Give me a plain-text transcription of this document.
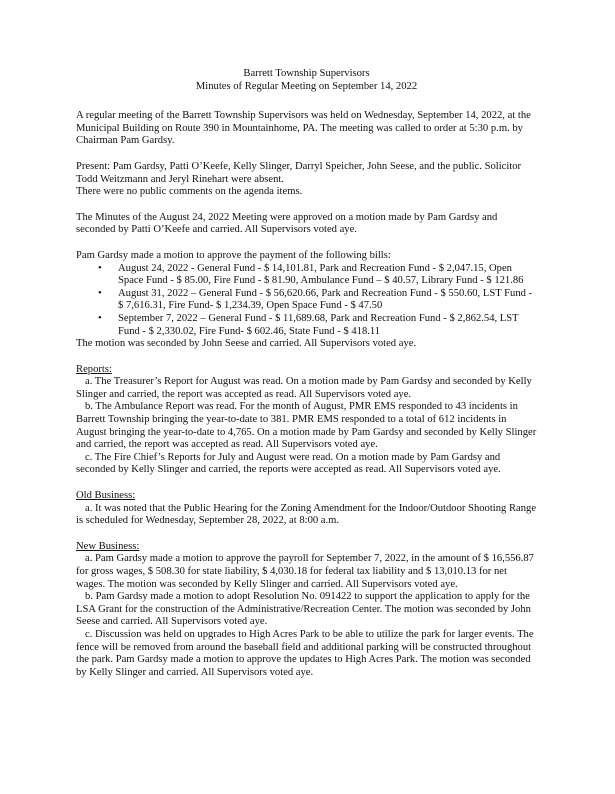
Barrett Township Supervisors
Minutes of Regular Meeting on September 14, 2022

A regular meeting of the Barrett Township Supervisors was held on Wednesday, September 14, 2022, at the Municipal Building on Route 390 in Mountainhome, PA. The meeting was called to order at 5:30 p.m. by Chairman Pam Gardsy.

Present: Pam Gardsy, Patti O’Keefe, Kelly Slinger, Darryl Speicher, John Seese, and the public. Solicitor Todd Weitzmann and Jeryl Rinehart were absent.
There were no public comments on the agenda items.

The Minutes of the August 24, 2022 Meeting were approved on a motion made by Pam Gardsy and seconded by Patti O’Keefe and carried. All Supervisors voted aye.

Pam Gardsy made a motion to approve the payment of the following bills:
• August 24, 2022 - General Fund - $ 14,101.81, Park and Recreation Fund - $ 2,047.15, Open Space Fund - $ 85.00, Fire Fund - $ 81.90, Ambulance Fund – $ 40.57, Library Fund - $ 121.86
• August 31, 2022 – General Fund - $ 56,620.66, Park and Recreation Fund - $ 550.60, LST Fund - $ 7,616.31, Fire Fund- $ 1,234.39, Open Space Fund - $ 47.50
• September 7, 2022 – General Fund - $ 11,689.68, Park and Recreation Fund - $ 2,862.54, LST Fund - $ 2,330.02, Fire Fund- $ 602.46, State Fund - $ 418.11
The motion was seconded by John Seese and carried. All Supervisors voted aye.
Reports:
a. The Treasurer’s Report for August was read. On a motion made by Pam Gardsy and seconded by Kelly Slinger and carried, the report was accepted as read. All Supervisors voted aye.
b. The Ambulance Report was read. For the month of August, PMR EMS responded to 43 incidents in Barrett Township bringing the year-to-date to 381. PMR EMS responded to a total of 612 incidents in August bringing the year-to-date to 4,765. On a motion made by Pam Gardsy and seconded by Kelly Slinger and carried, the report was accepted as read. All Supervisors voted aye.
c. The Fire Chief’s Reports for July and August were read. On a motion made by Pam Gardsy and seconded by Kelly Slinger and carried, the reports were accepted as read. All Supervisors voted aye.
Old Business:
a. It was noted that the Public Hearing for the Zoning Amendment for the Indoor/Outdoor Shooting Range is scheduled for Wednesday, September 28, 2022, at 8:00 a.m.
New Business:
a. Pam Gardsy made a motion to approve the payroll for September 7, 2022, in the amount of $ 16,556.87 for gross wages, $ 508.30 for state liability, $ 4,030.18 for federal tax liability and $ 13,010.13 for net wages. The motion was seconded by Kelly Slinger and carried. All Supervisors voted aye.
b. Pam Gardsy made a motion to adopt Resolution No. 091422 to support the application to apply for the LSA Grant for the construction of the Administrative/Recreation Center. The motion was seconded by John Seese and carried. All Supervisors voted aye.
c. Discussion was held on upgrades to High Acres Park to be able to utilize the park for larger events. The fence will be removed from around the baseball field and additional parking will be constructed throughout the park. Pam Gardsy made a motion to approve the updates to High Acres Park. The motion was seconded by Kelly Slinger and carried. All Supervisors voted aye.
